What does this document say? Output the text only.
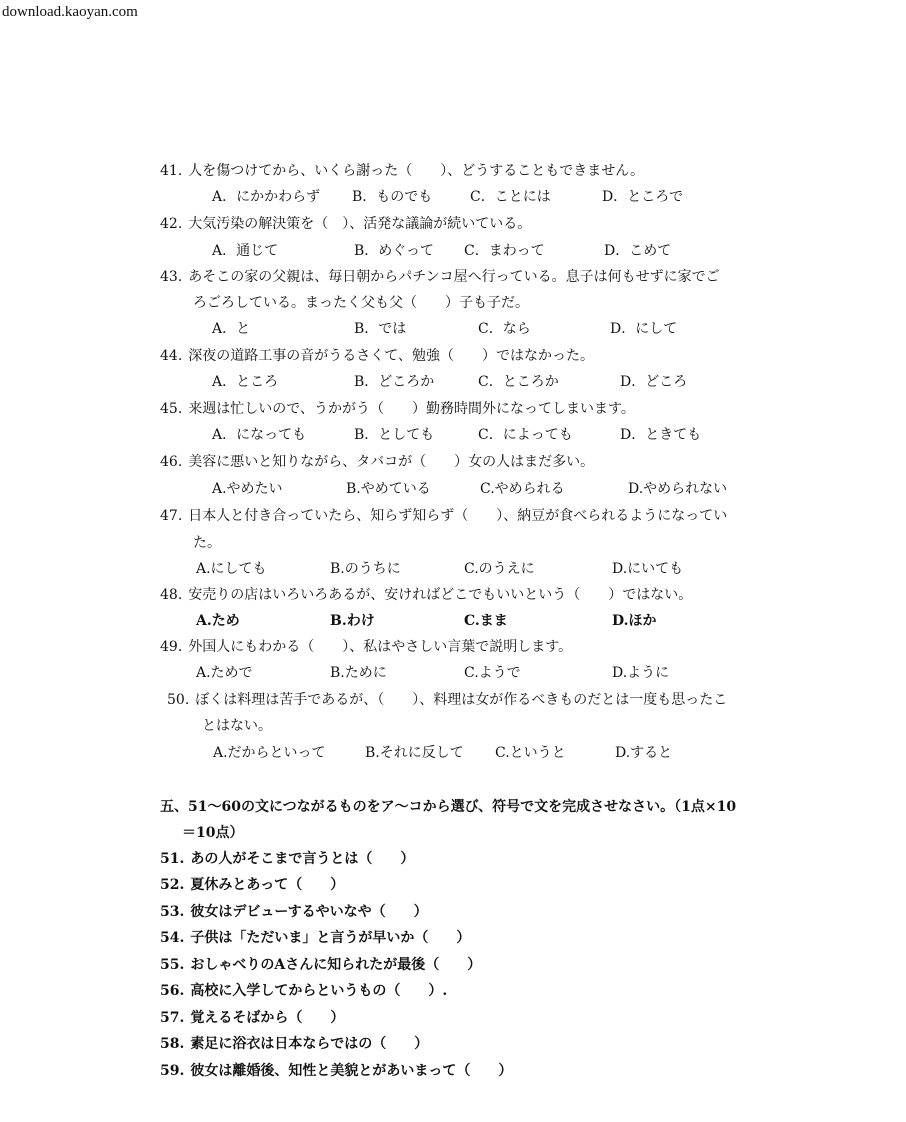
download.kaoyan.com
41. 人を傷つけてから、いくら謝った（　　）、どうすることもできません。
A．にかかわらず B．ものでも	C．ことには	D．ところで
42. 大気汚染の解決策を（　）、活発な議論が続いている。
A．通じて	B．めぐって C．まわって	D．こめて
43. あそこの家の父親は、毎日朝からパチンコ屋へ行っている。息子は何もせずに家でご
ろごろしている。まったく父も父（　　）子も子だ。
A．と	B．では	C．なら	D．にして
44. 深夜の道路工事の音がうるさくて、勉強（　　）ではなかった。
A．ところ	B．どころか	C．ところか	D．どころ
45. 来週は忙しいので、うかがう（　　）勤務時間外になってしまいます。
A．になっても	B．としても	C．によっても	D．ときても
46. 美容に悪いと知りながら、タバコが（　　）女の人はまだ多い。
A.やめたい	B.やめている	C.やめられる	D.やめられない
47. 日本人と付き合っていたら、知らず知らず（　　）、納豆が食べられるようになってい
た。
A.にしても	B.のうちに	C.のうえに	D.にいても
48. 安売りの店はいろいろあるが、安ければどこでもいいという（　　）ではない。
A.ため	B.わけ	C.まま	D.ほか
49. 外国人にもわかる（　　）、私はやさしい言葉で説明します。
A.ためで	B.ために	C.ようで	D.ように
50. ぼくは料理は苦手であるが、（　　）、料理は女が作るべきものだとは一度も思ったこ
とはない。
A.だからといって	B.それに反して C.というと	D.すると
五、51～60の文につながるものをア～コから選び、符号で文を完成させなさい。（1点×10
＝10点）
51. あの人がそこまで言うとは（　　）
52. 夏休みとあって（　　）
53. 彼女はデビューするやいなや（　　）
54. 子供は「ただいま」と言うが早いか（　　）
55. おしゃべりのAさんに知られたが最後（　　）
56. 高校に入学してからというもの（　　）.
57. 覚えるそばから（　　）
58. 素足に浴衣は日本ならではの（　　）
59. 彼女は離婚後、知性と美貌とがあいまって（　　）
